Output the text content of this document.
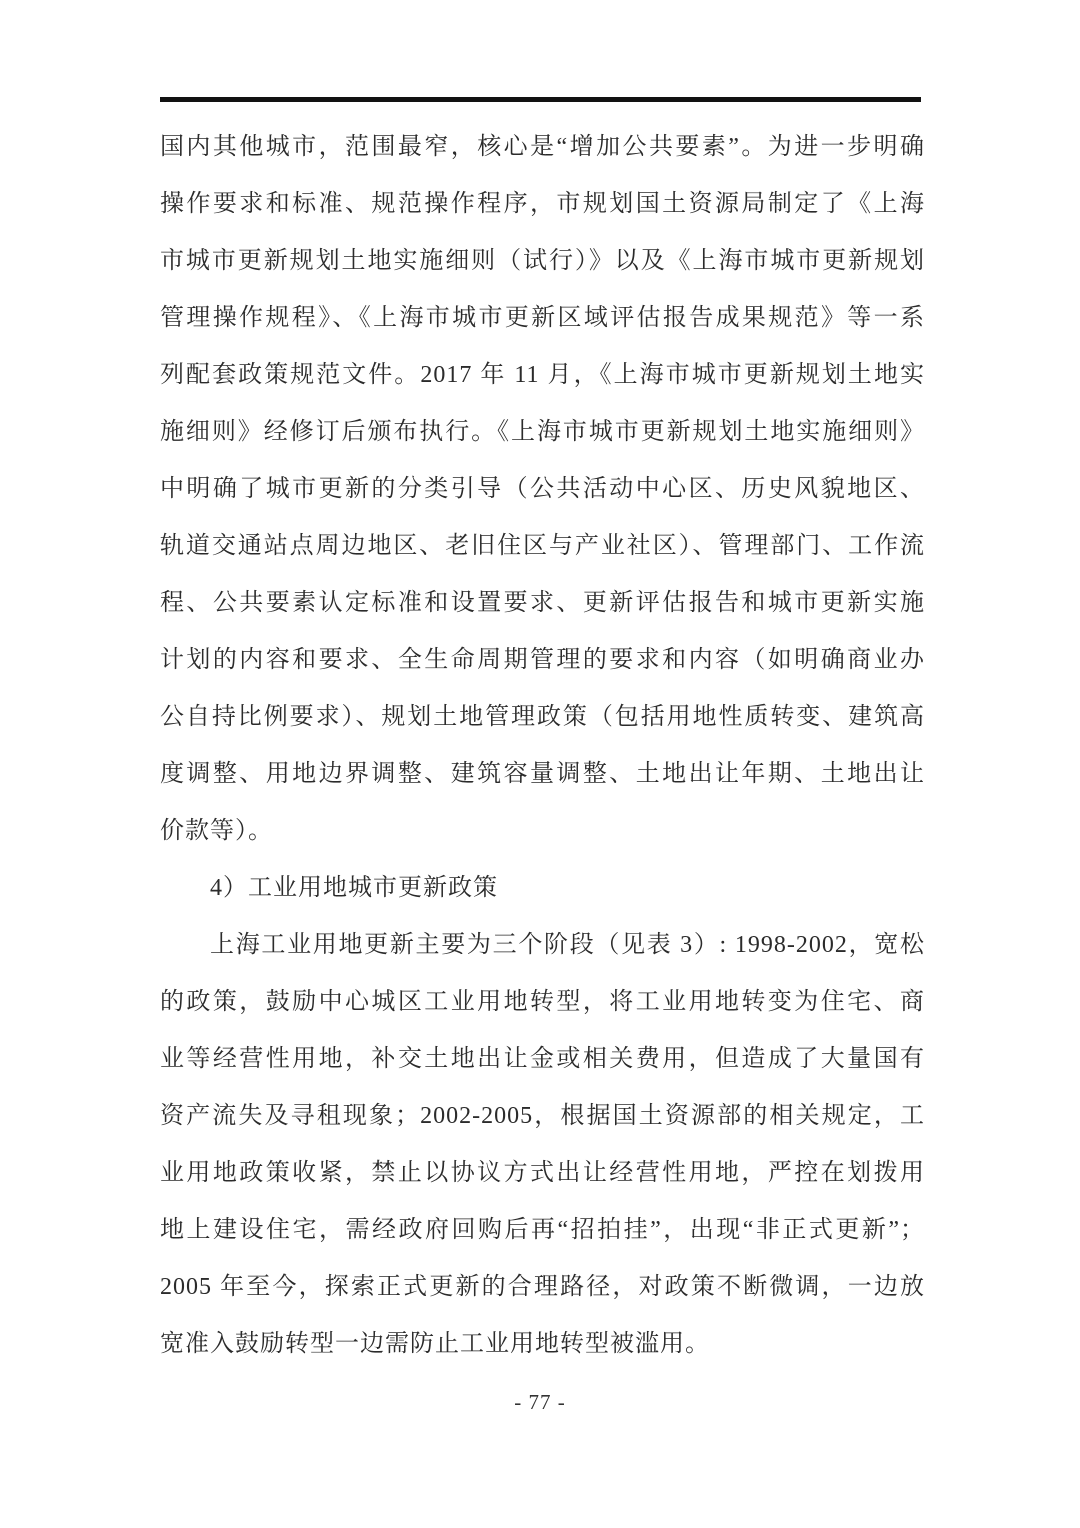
国内其他城市，范围最窄，核心是“增加公共要素”。为进一步明确
操作要求和标准、规范操作程序，市规划国土资源局制定了《上海
市城市更新规划土地实施细则（试行）》以及《上海市城市更新规划
管理操作规程》、《上海市城市更新区域评估报告成果规范》等一系
列配套政策规范文件。2017 年 11 月，《上海市城市更新规划土地实
施细则》经修订后颁布执行。《上海市城市更新规划土地实施细则》
中明确了城市更新的分类引导（公共活动中心区、历史风貌地区、
轨道交通站点周边地区、老旧住区与产业社区）、管理部门、工作流
程、公共要素认定标准和设置要求、更新评估报告和城市更新实施
计划的内容和要求、全生命周期管理的要求和内容（如明确商业办
公自持比例要求）、规划土地管理政策（包括用地性质转变、建筑高
度调整、用地边界调整、建筑容量调整、土地出让年期、土地出让
价款等）。
4）工业用地城市更新政策
上海工业用地更新主要为三个阶段（见表 3）: 1998-2002，宽松
的政策，鼓励中心城区工业用地转型，将工业用地转变为住宅、商
业等经营性用地，补交土地出让金或相关费用，但造成了大量国有
资产流失及寻租现象；2002-2005，根据国土资源部的相关规定，工
业用地政策收紧，禁止以协议方式出让经营性用地，严控在划拨用
地上建设住宅，需经政府回购后再“招拍挂”，出现“非正式更新”；
2005 年至今，探索正式更新的合理路径，对政策不断微调，一边放
宽准入鼓励转型一边需防止工业用地转型被滥用。
- 77 -
